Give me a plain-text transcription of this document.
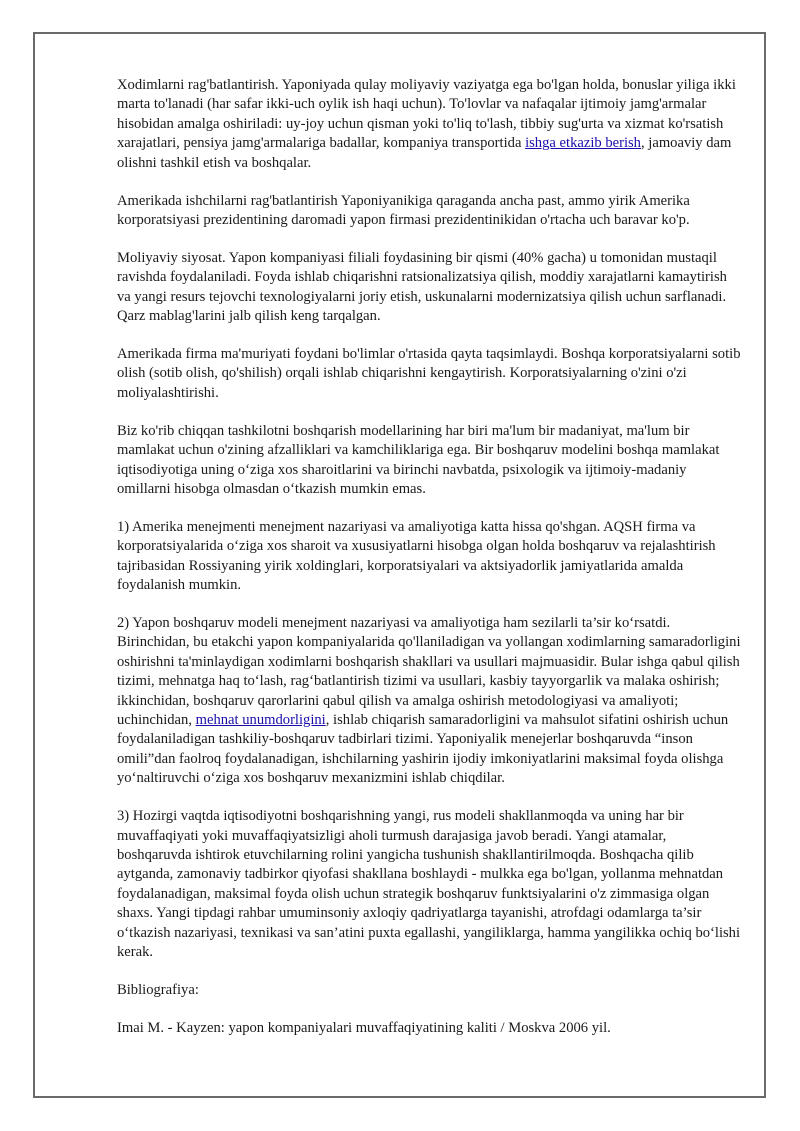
Xodimlarni rag'batlantirish. Yaponiyada qulay moliyaviy vaziyatga ega bo'lgan holda, bonuslar yiliga ikki marta to'lanadi (har safar ikki-uch oylik ish haqi uchun). To'lovlar va nafaqalar ijtimoiy jamg'armalar hisobidan amalga oshiriladi: uy-joy uchun qisman yoki to'liq to'lash, tibbiy sug'urta va xizmat ko'rsatish xarajatlari, pensiya jamg'armalariga badallar, kompaniya transportida ishga etkazib berish, jamoaviy dam olishni tashkil etish va boshqalar.

Amerikada ishchilarni rag'batlantirish Yaponiyanikiga qaraganda ancha past, ammo yirik Amerika korporatsiyasi prezidentining daromadi yapon firmasi prezidentinikidan o'rtacha uch baravar ko'p.

Moliyaviy siyosat. Yapon kompaniyasi filiali foydasining bir qismi (40% gacha) u tomonidan mustaqil ravishda foydalaniladi. Foyda ishlab chiqarishni ratsionalizatsiya qilish, moddiy xarajatlarni kamaytirish va yangi resurs tejovchi texnologiyalarni joriy etish, uskunalarni modernizatsiya qilish uchun sarflanadi. Qarz mablag'larini jalb qilish keng tarqalgan.

Amerikada firma ma'muriyati foydani bo'limlar o'rtasida qayta taqsimlaydi. Boshqa korporatsiyalarni sotib olish (sotib olish, qo'shilish) orqali ishlab chiqarishni kengaytirish. Korporatsiyalarning o'zini o'zi moliyalashtirishi.

Biz ko'rib chiqqan tashkilotni boshqarish modellarining har biri ma'lum bir madaniyat, ma'lum bir mamlakat uchun o'zining afzalliklari va kamchiliklariga ega. Bir boshqaruv modelini boshqa mamlakat iqtisodiyotiga uning o‘ziga xos sharoitlarini va birinchi navbatda, psixologik va ijtimoiy-madaniy omillarni hisobga olmasdan o‘tkazish mumkin emas.

1) Amerika menejmenti menejment nazariyasi va amaliyotiga katta hissa qo'shgan. AQSH firma va korporatsiyalarida o‘ziga xos sharoit va xususiyatlarni hisobga olgan holda boshqaruv va rejalashtirish tajribasidan Rossiyaning yirik xoldinglari, korporatsiyalari va aktsiyadorlik jamiyatlarida amalda foydalanish mumkin.

2) Yapon boshqaruv modeli menejment nazariyasi va amaliyotiga ham sezilarli ta’sir ko‘rsatdi. Birinchidan, bu etakchi yapon kompaniyalarida qo'llaniladigan va yollangan xodimlarning samaradorligini oshirishni ta'minlaydigan xodimlarni boshqarish shakllari va usullari majmuasidir. Bular ishga qabul qilish tizimi, mehnatga haq to‘lash, rag‘batlantirish tizimi va usullari, kasbiy tayyorgarlik va malaka oshirish; ikkinchidan, boshqaruv qarorlarini qabul qilish va amalga oshirish metodologiyasi va amaliyoti; uchinchidan, mehnat unumdorligini, ishlab chiqarish samaradorligini va mahsulot sifatini oshirish uchun foydalaniladigan tashkiliy-boshqaruv tadbirlari tizimi. Yaponiyalik menejerlar boshqaruvda “inson omili”dan faolroq foydalanadigan, ishchilarning yashirin ijodiy imkoniyatlarini maksimal foyda olishga yo‘naltiruvchi o‘ziga xos boshqaruv mexanizmini ishlab chiqdilar.

3) Hozirgi vaqtda iqtisodiyotni boshqarishning yangi, rus modeli shakllanmoqda va uning har bir muvaffaqiyati yoki muvaffaqiyatsizligi aholi turmush darajasiga javob beradi. Yangi atamalar, boshqaruvda ishtirok etuvchilarning rolini yangicha tushunish shakllantirilmoqda. Boshqacha qilib aytganda, zamonaviy tadbirkor qiyofasi shakllana boshlaydi - mulkka ega bo'lgan, yollanma mehnatdan foydalanadigan, maksimal foyda olish uchun strategik boshqaruv funktsiyalarini o'z zimmasiga olgan shaxs. Yangi tipdagi rahbar umuminsoniy axloqiy qadriyatlarga tayanishi, atrofdagi odamlarga ta’sir o‘tkazish nazariyasi, texnikasi va san’atini puxta egallashi, yangiliklarga, hamma yangilikka ochiq bo‘lishi kerak.

Bibliografiya:

Imai M. - Kayzen: yapon kompaniyalari muvaffaqiyatining kaliti / Moskva 2006 yil.
